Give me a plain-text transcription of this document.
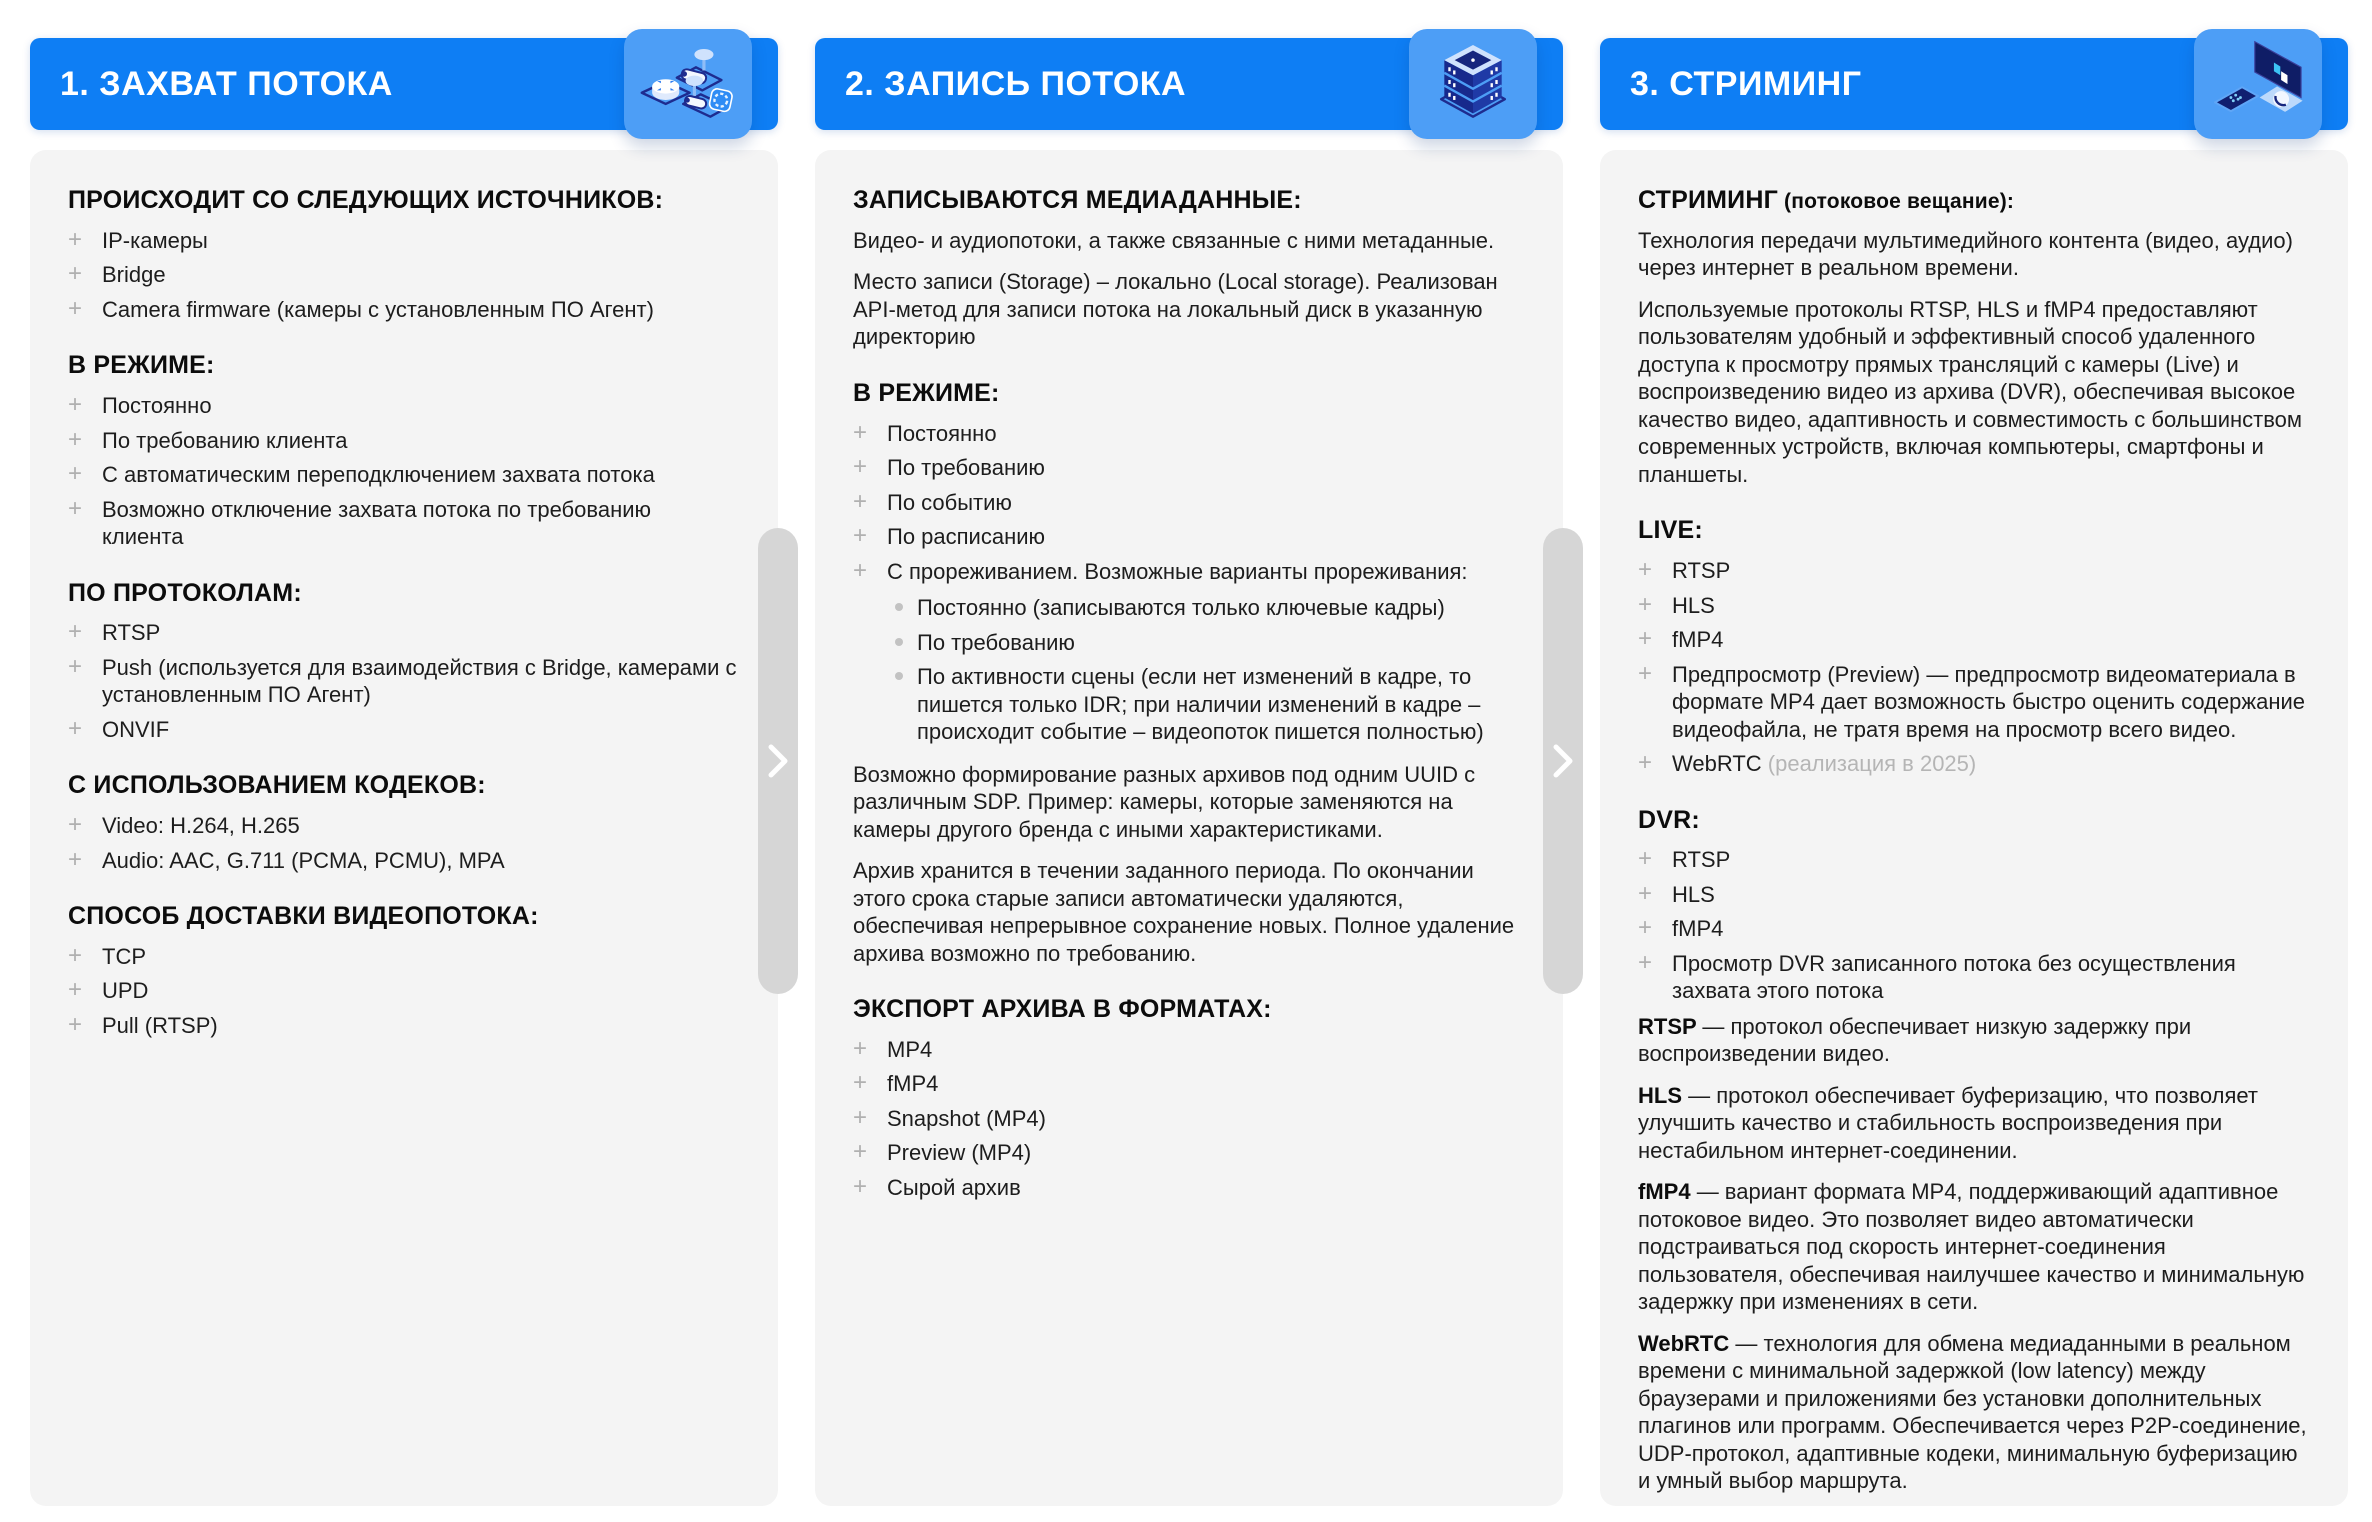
1. ЗАХВАТ ПОТОКА
ПРОИСХОДИТ СО СЛЕДУЮЩИХ ИСТОЧНИКОВ:
+ IP-камеры
+ Bridge
+ Camera firmware (камеры с установленным ПО Агент)
В РЕЖИМЕ:
+ Постоянно
+ По требованию клиента
+ С автоматическим переподключением захвата потока
+ Возможно отключение захвата потока по требованию клиента
ПО ПРОТОКОЛАМ:
+ RTSP
+ Push (используется для взаимодействия с Bridge, камерами с установленным ПО Агент)
+ ONVIF
С ИСПОЛЬЗОВАНИЕМ КОДЕКОВ:
+ Video: H.264, H.265
+ Audio: AAC, G.711 (PCMA, PCMU), MPA
СПОСОБ ДОСТАВКИ ВИДЕОПОТОКА:
+ TCP
+ UPD
+ Pull (RTSP)
2. ЗАПИСЬ ПОТОКА
ЗАПИСЫВАЮТСЯ МЕДИАДАННЫЕ:

Видео- и аудиопотоки, а также связанные с ними метаданные.

Место записи (Storage) – локально (Local storage). Реализован API-метод для записи потока на локальный диск в указанную директорию

В РЕЖИМЕ:
+ Постоянно
+ По требованию
+ По событию
+ По расписанию
+ С прореживанием. Возможные варианты прореживания:
Постоянно (записываются только ключевые кадры)
По требованию
По активности сцены (если нет изменений в кадре, то пишется только IDR; при наличии изменений в кадре – происходит событие – видеопоток пишется полностью)

Возможно формирование разных архивов под одним UUID с различным SDP. Пример: камеры, которые заменяются на камеры другого бренда с иными характеристиками.

Архив хранится в течении заданного периода. По окончании этого срока старые записи автоматически удаляются, обеспечивая непрерывное сохранение новых. Полное удаление архива возможно по требованию.

ЭКСПОРТ АРХИВА В ФОРМАТАХ:
+ MP4
+ fMP4
+ Snapshot (MP4)
+ Preview (MP4)
+ Сырой архив
3. СТРИМИНГ
СТРИМИНГ (потоковое вещание):

Технология передачи мультимедийного контента (видео, аудио) через интернет в реальном времени.

Используемые протоколы RTSP, HLS и fMP4 предоставляют пользователям удобный и эффективный способ удаленного доступа к просмотру прямых трансляций с камеры (Live) и воспроизведению видео из архива (DVR), обеспечивая высокое качество видео, адаптивность и совместимость с большинством современных устройств, включая компьютеры, смартфоны и планшеты.

LIVE:
+ RTSP
+ HLS
+ fMP4
+ Предпросмотр (Preview) — предпросмотр видеоматериала в формате MP4 дает возможность быстро оценить содержание видеофайла, не тратя время на просмотр всего видео.
+ WebRTC (реализация в 2025)
DVR:
+ RTSP
+ HLS
+ fMP4
+ Просмотр DVR записанного потока без осуществления захвата этого потока

RTSP — протокол обеспечивает низкую задержку при воспроизведении видео.

HLS — протокол обеспечивает буферизацию, что позволяет улучшить качество и стабильность воспроизведения при нестабильном интернет-соединении.

fMP4 — вариант формата MP4, поддерживающий адаптивное потоковое видео. Это позволяет видео автоматически подстраиваться под скорость интернет-соединения пользователя, обеспечивая наилучшее качество и минимальную задержку при изменениях в сети.

WebRTC — технология для обмена медиаданными в реальном времени с минимальной задержкой (low latency) между браузерами и приложениями без установки дополнительных плагинов или программ. Обеспечивается через P2P-соединение, UDP-протокол, адаптивные кодеки, минимальную буферизацию и умный выбор маршрута.
